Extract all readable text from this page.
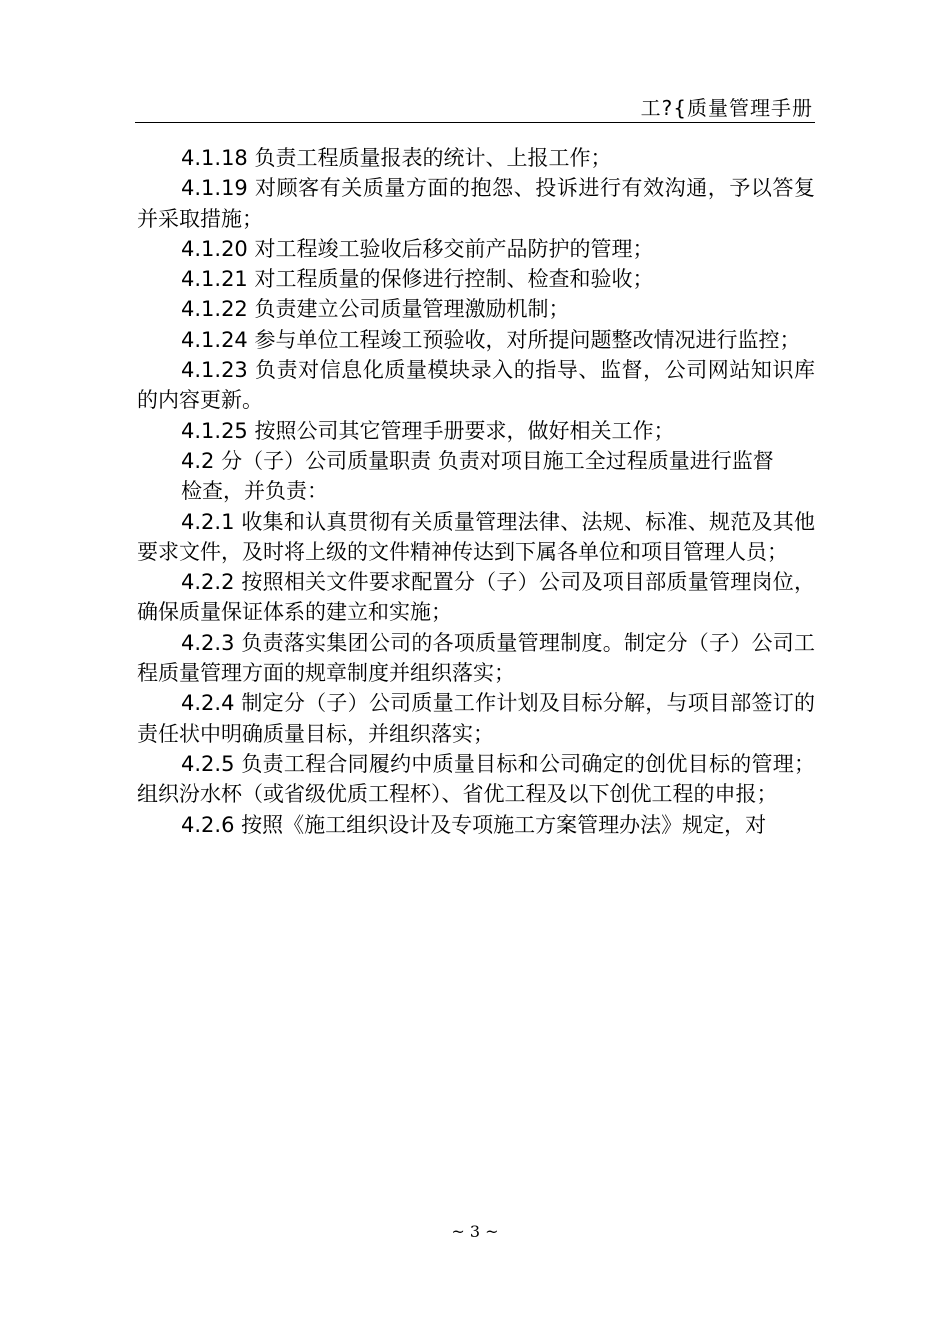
工?{质量管理手册

4.1.18 负责工程质量报表的统计、上报工作；

4.1.19 对顾客有关质量方面的抱怨、投诉进行有效沟通，予以答复并采取措施；

4.1.20 对工程竣工验收后移交前产品防护的管理；

4.1.21 对工程质量的保修进行控制、检查和验收；

4.1.22 负责建立公司质量管理激励机制；

4.1.24 参与单位工程竣工预验收，对所提问题整改情况进行监控；

4.1.23 负责对信息化质量模块录入的指导、监督，公司网站知识库的内容更新。

4.1.25 按照公司其它管理手册要求，做好相关工作；

4.2 分（子）公司质量职责 负责对项目施工全过程质量进行监督

检查，并负责：

4.2.1 收集和认真贯彻有关质量管理法律、法规、标准、规范及其他要求文件，及时将上级的文件精神传达到下属各单位和项目管理人员；

4.2.2 按照相关文件要求配置分（子）公司及项目部质量管理岗位，确保质量保证体系的建立和实施；

4.2.3 负责落实集团公司的各项质量管理制度。制定分（子）公司工程质量管理方面的规章制度并组织落实；

4.2.4 制定分（子）公司质量工作计划及目标分解，与项目部签订的责任状中明确质量目标，并组织落实；

4.2.5 负责工程合同履约中质量目标和公司确定的创优目标的管理；组织汾水杯（或省级优质工程杯）、省优工程及以下创优工程的申报；

4.2.6 按照《施工组织设计及专项施工方案管理办法》规定，对

~ 3 ~
